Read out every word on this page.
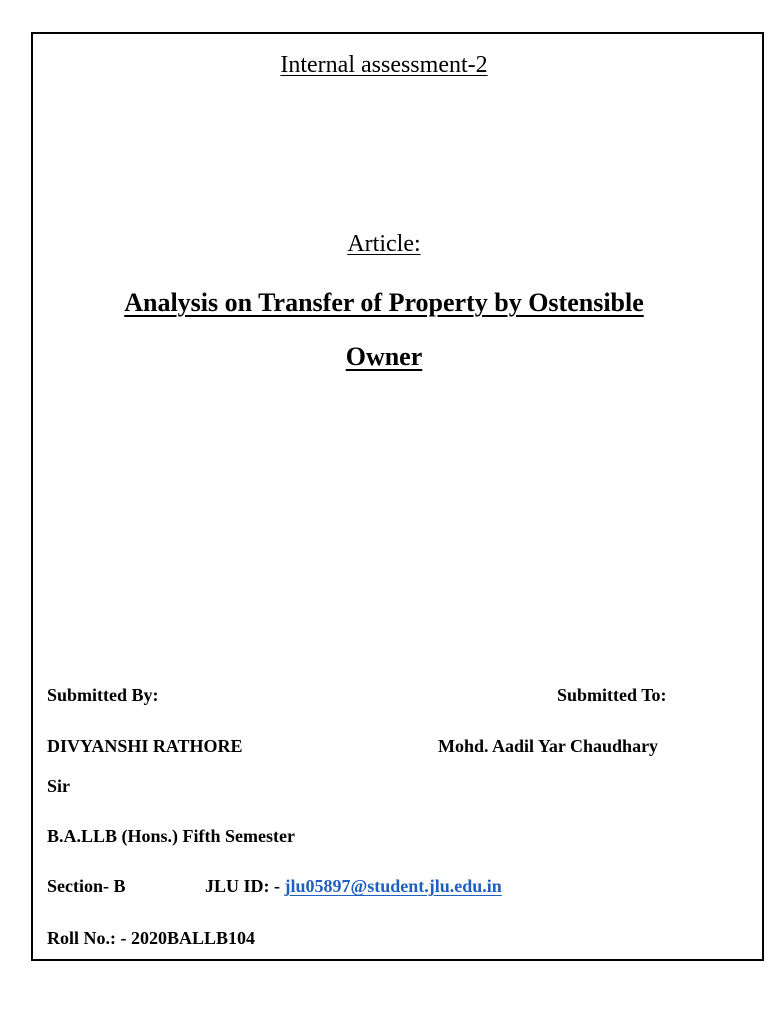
Internal assessment-2
Article:
Analysis on Transfer of Property by Ostensible
Owner
Submitted By:	Submitted To:
DIVYANSHI RATHORE	Mohd. Aadil Yar Chaudhary
Sir
B.A.LLB (Hons.) Fifth Semester
Section- B	JLU ID: - jlu05897@student.jlu.edu.in
Roll No.: - 2020BALLB104
